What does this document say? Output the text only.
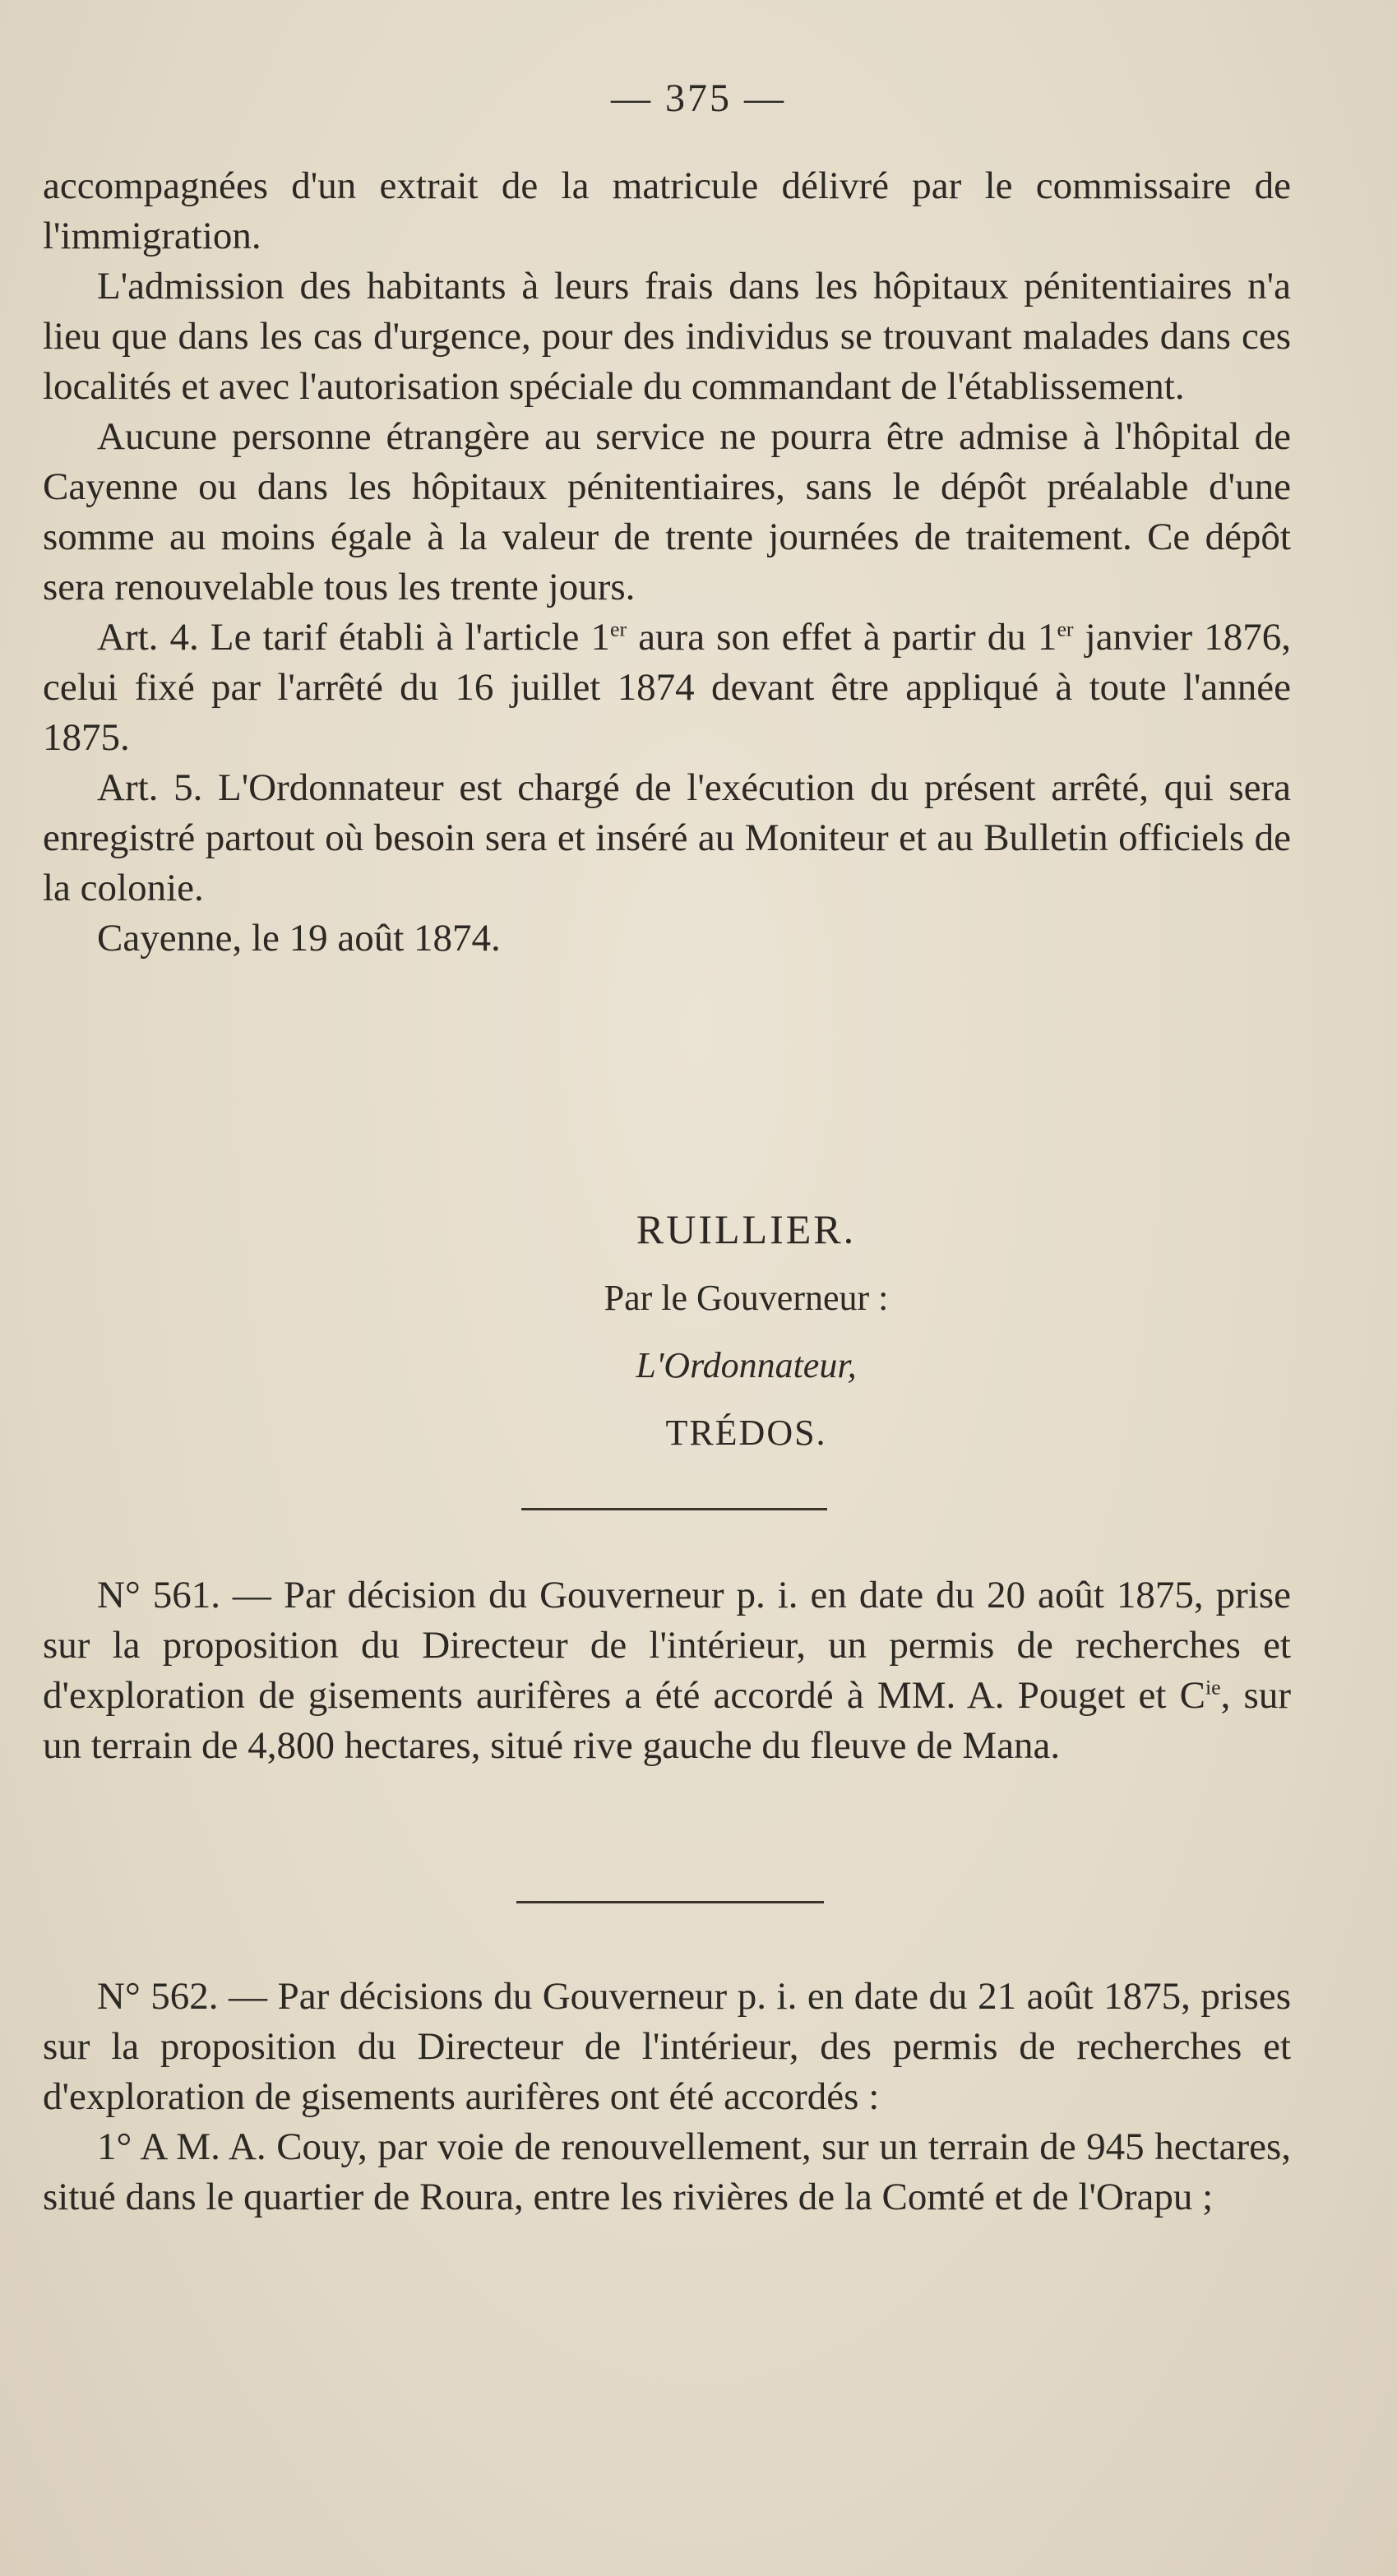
— 375 —

accompagnées d'un extrait de la matricule délivré par le commissaire de l'immigration.

L'admission des habitants à leurs frais dans les hôpitaux pénitentiaires n'a lieu que dans les cas d'urgence, pour des individus se trouvant malades dans ces localités et avec l'autorisation spéciale du commandant de l'établissement.

Aucune personne étrangère au service ne pourra être admise à l'hôpital de Cayenne ou dans les hôpitaux pénitentiaires, sans le dépôt préalable d'une somme au moins égale à la valeur de trente journées de traitement. Ce dépôt sera renouvelable tous les trente jours.

Art. 4. Le tarif établi à l'article 1er aura son effet à partir du 1er janvier 1876, celui fixé par l'arrêté du 16 juillet 1874 devant être appliqué à toute l'année 1875.

Art. 5. L'Ordonnateur est chargé de l'exécution du présent arrêté, qui sera enregistré partout où besoin sera et inséré au Moniteur et au Bulletin officiels de la colonie.

Cayenne, le 19 août 1874.

RUILLIER.
Par le Gouverneur :
L'Ordonnateur,
TRÉDOS.

N° 561. — Par décision du Gouverneur p. i. en date du 20 août 1875, prise sur la proposition du Directeur de l'intérieur, un permis de recherches et d'exploration de gisements aurifères a été accordé à MM. A. Pouget et $C^{ie}$, sur un terrain de 4,800 hectares, situé rive gauche du fleuve de Mana.

N° 562. — Par décisions du Gouverneur p. i. en date du 21 août 1875, prises sur la proposition du Directeur de l'intérieur, des permis de recherches et d'exploration de gisements aurifères ont été accordés :

1° A M. A. Couy, par voie de renouvellement, sur un terrain de 945 hectares, situé dans le quartier de Roura, entre les rivières de la Comté et de l'Orapu ;
